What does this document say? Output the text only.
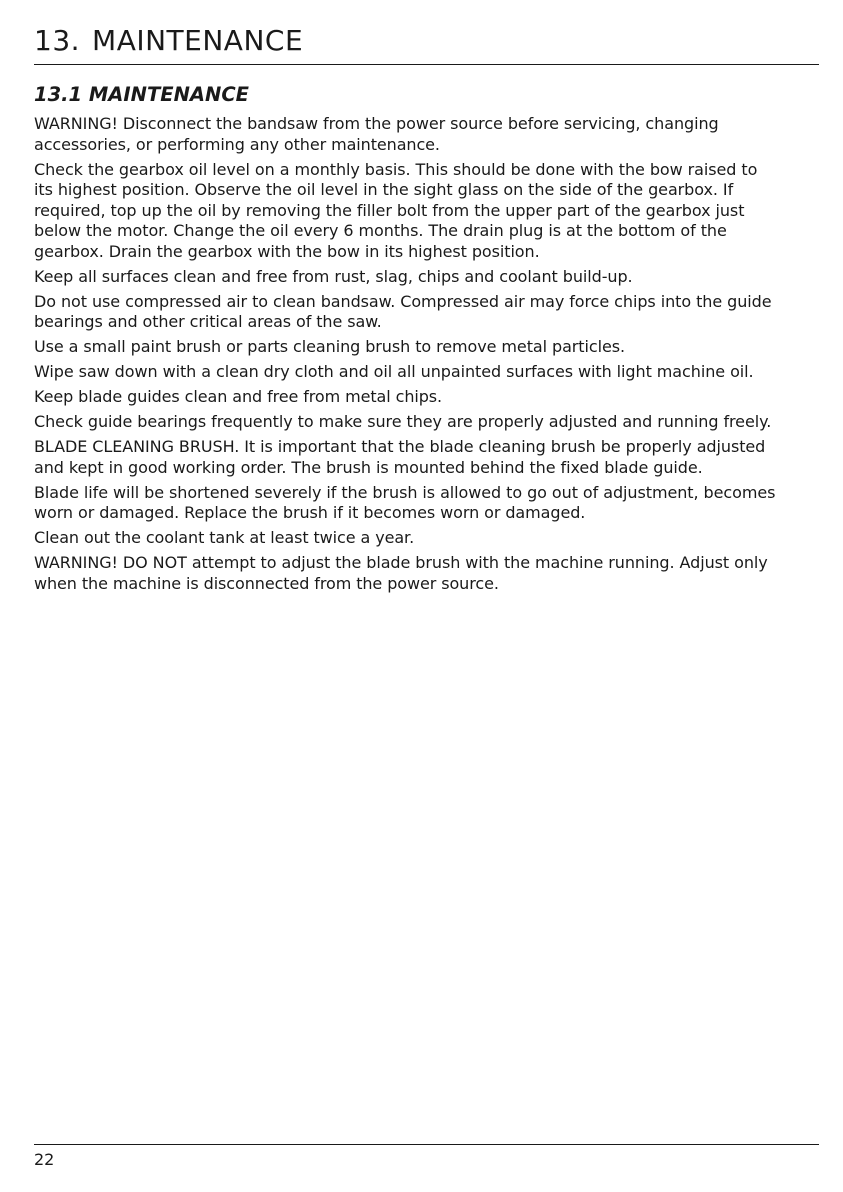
13. MAINTENANCE
13.1 MAINTENANCE

WARNING! Disconnect the bandsaw from the power source before servicing, changing
accessories, or performing any other maintenance.

Check the gearbox oil level on a monthly basis. This should be done with the bow raised to
its highest position. Observe the oil level in the sight glass on the side of the gearbox. If
required, top up the oil by removing the filler bolt from the upper part of the gearbox just
below the motor. Change the oil every 6 months. The drain plug is at the bottom of the
gearbox. Drain the gearbox with the bow in its highest position.

Keep all surfaces clean and free from rust, slag, chips and coolant build-up.

Do not use compressed air to clean bandsaw. Compressed air may force chips into the guide
bearings and other critical areas of the saw.

Use a small paint brush or parts cleaning brush to remove metal particles.

Wipe saw down with a clean dry cloth and oil all unpainted surfaces with light machine oil.

Keep blade guides clean and free from metal chips.

Check guide bearings frequently to make sure they are properly adjusted and running freely.

BLADE CLEANING BRUSH. It is important that the blade cleaning brush be properly adjusted
and kept in good working order. The brush is mounted behind the fixed blade guide.

Blade life will be shortened severely if the brush is allowed to go out of adjustment, becomes
worn or damaged. Replace the brush if it becomes worn or damaged.

Clean out the coolant tank at least twice a year.

WARNING! DO NOT attempt to adjust the blade brush with the machine running. Adjust only
when the machine is disconnected from the power source.

22
